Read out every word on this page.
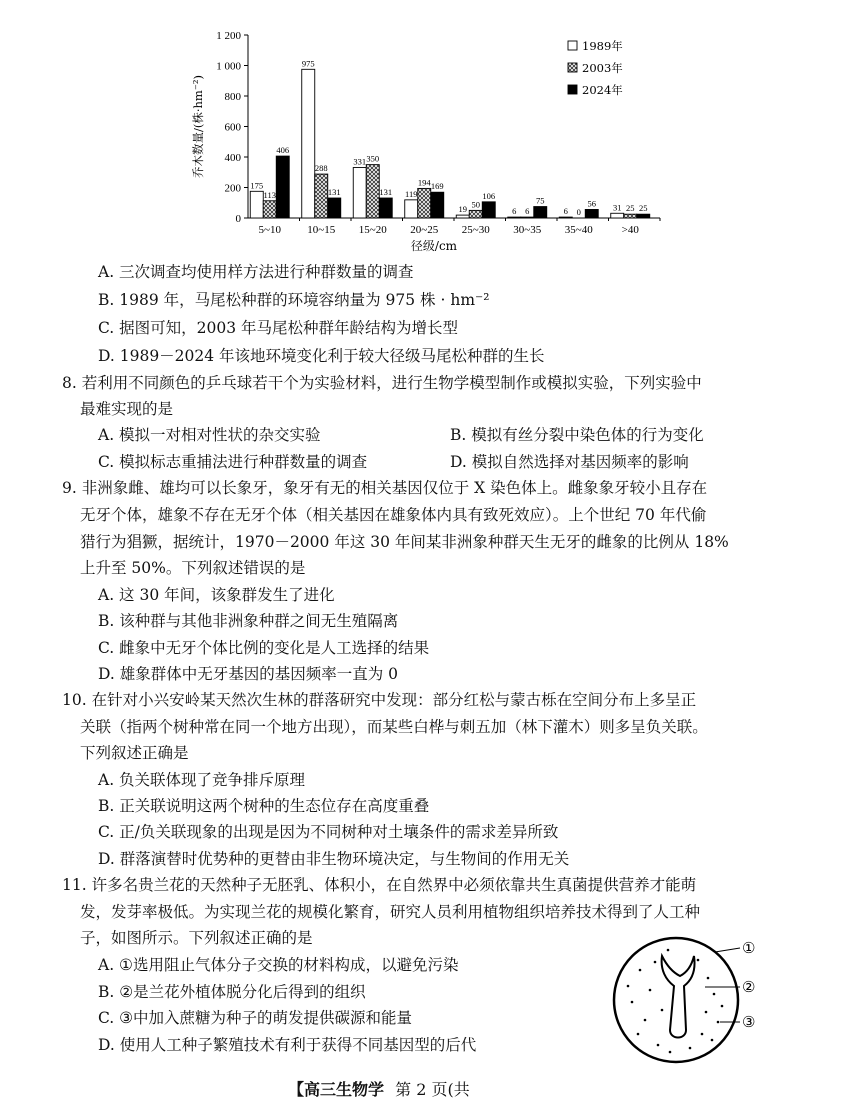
0
200
400
600
800
1 000
1 200
乔木数量/(株·hm⁻²)
175
113
406
5~10
975
288
131
10~15
331 350
131
15~20
119
194 169
20~25
19 50
106
25~30
6 6
75
30~35
6 0
56
35~40
31 25 25
>40
径级/cm
1989年
2003年
2024年
A. 三次调查均使用样方法进行种群数量的调查
B. 1989 年，马尾松种群的环境容纳量为 975 株 · hm⁻²
C. 据图可知，2003 年马尾松种群年龄结构为增长型
D. 1989－2024 年该地环境变化利于较大径级马尾松种群的生长
8. 若利用不同颜色的乒乓球若干个为实验材料，进行生物学模型制作或模拟实验，下列实验中
最难实现的是
A. 模拟一对相对性状的杂交实验	B. 模拟有丝分裂中染色体的行为变化
C. 模拟标志重捕法进行种群数量的调查	D. 模拟自然选择对基因频率的影响
9. 非洲象雌、雄均可以长象牙，象牙有无的相关基因仅位于 X 染色体上。雌象象牙较小且存在
无牙个体，雄象不存在无牙个体（相关基因在雄象体内具有致死效应）。上个世纪 70 年代偷
猎行为猖獗，据统计，1970－2000 年这 30 年间某非洲象种群天生无牙的雌象的比例从 18%
上升至 50%。下列叙述错误的是
A. 这 30 年间，该象群发生了进化
B. 该种群与其他非洲象种群之间无生殖隔离
C. 雌象中无牙个体比例的变化是人工选择的结果
D. 雄象群体中无牙基因的基因频率一直为 0
10. 在针对小兴安岭某天然次生林的群落研究中发现：部分红松与蒙古栎在空间分布上多呈正
关联（指两个树种常在同一个地方出现），而某些白桦与刺五加（林下灌木）则多呈负关联。
下列叙述正确是
A. 负关联体现了竞争排斥原理
B. 正关联说明这两个树种的生态位存在高度重叠
C. 正/负关联现象的出现是因为不同树种对土壤条件的需求差异所致
D. 群落演替时优势种的更替由非生物环境决定，与生物间的作用无关
11. 许多名贵兰花的天然种子无胚乳、体积小，在自然界中必须依靠共生真菌提供营养才能萌
发，发芽率极低。为实现兰花的规模化繁育，研究人员利用植物组织培养技术得到了人工种
子，如图所示。下列叙述正确的是
A. ①选用阻止气体分子交换的材料构成，以避免污染
B. ②是兰花外植体脱分化后得到的组织
C. ③中加入蔗糖为种子的萌发提供碳源和能量
D. 使用人工种子繁殖技术有利于获得不同基因型的后代
①
②
③
【高三生物学 第 2 页(共
